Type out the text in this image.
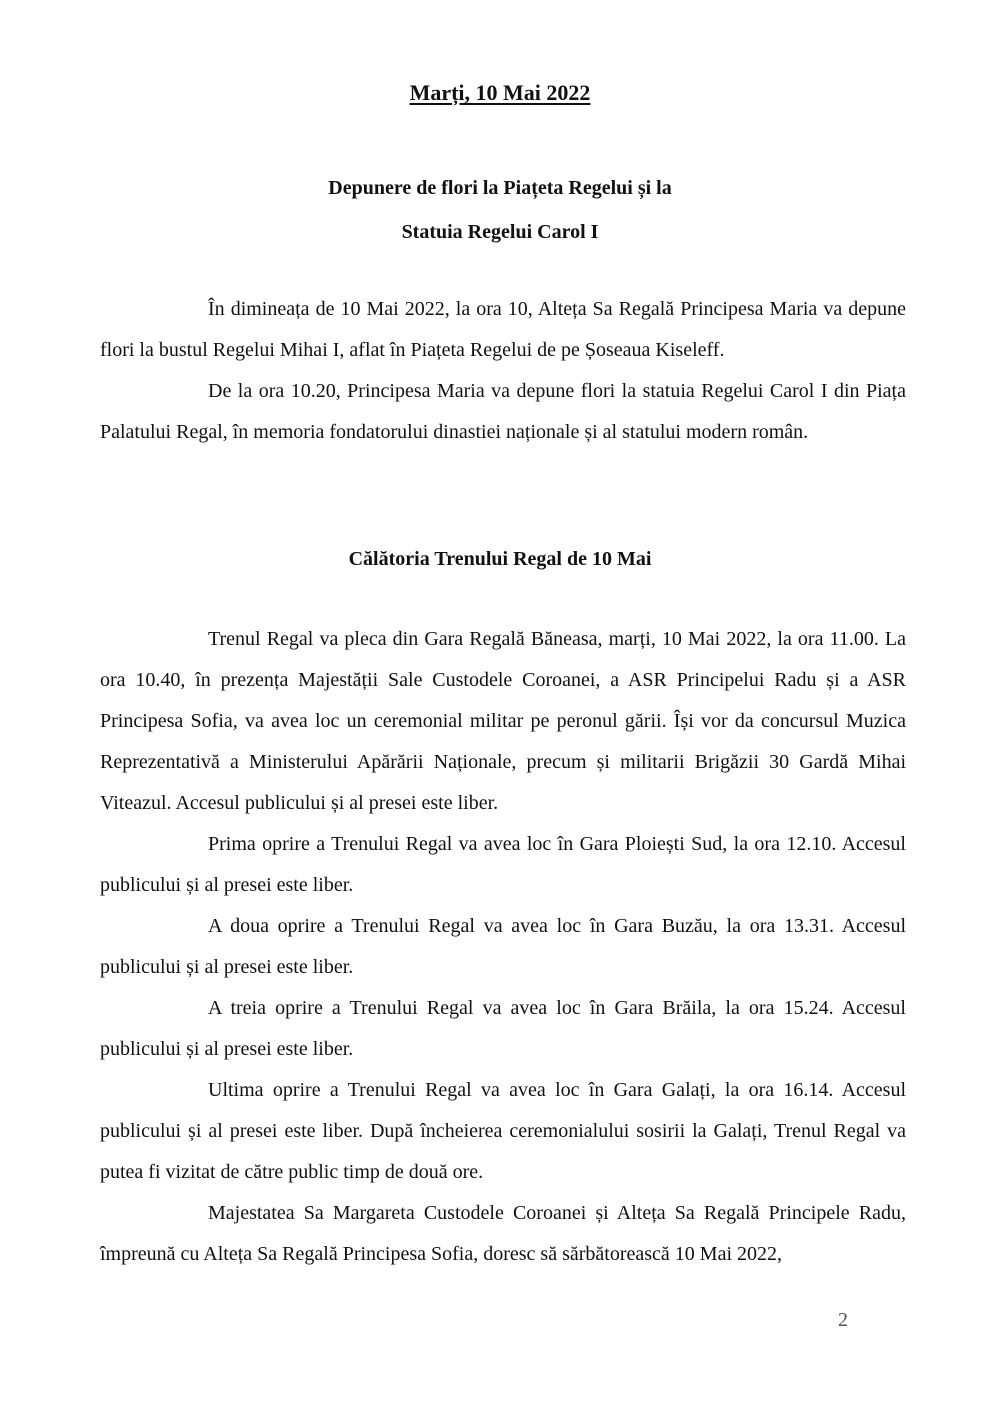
Marți, 10 Mai 2022
Depunere de flori la Piațeta Regelui și la
Statuia Regelui Carol I

În dimineața de 10 Mai 2022, la ora 10, Alteța Sa Regală Principesa Maria va depune flori la bustul Regelui Mihai I, aflat în Piațeta Regelui de pe Șoseaua Kiseleff.

De la ora 10.20, Principesa Maria va depune flori la statuia Regelui Carol I din Piața Palatului Regal, în memoria fondatorului dinastiei naționale și al statului modern român.

Călătoria Trenului Regal de 10 Mai

Trenul Regal va pleca din Gara Regală Băneasa, marți, 10 Mai 2022, la ora 11.00. La ora 10.40, în prezența Majestății Sale Custodele Coroanei, a ASR Principelui Radu și a ASR Principesa Sofia, va avea loc un ceremonial militar pe peronul gării. Își vor da concursul Muzica Reprezentativă a Ministerului Apărării Naționale, precum și militarii Brigăzii 30 Gardă Mihai Viteazul. Accesul publicului și al presei este liber.

Prima oprire a Trenului Regal va avea loc în Gara Ploiești Sud, la ora 12.10. Accesul publicului și al presei este liber.

A doua oprire a Trenului Regal va avea loc în Gara Buzău, la ora 13.31. Accesul publicului și al presei este liber.

A treia oprire a Trenului Regal va avea loc în Gara Brăila, la ora 15.24. Accesul publicului și al presei este liber.

Ultima oprire a Trenului Regal va avea loc în Gara Galați, la ora 16.14. Accesul publicului și al presei este liber. După încheierea ceremonialului sosirii la Galați, Trenul Regal va putea fi vizitat de către public timp de două ore.

Majestatea Sa Margareta Custodele Coroanei și Alteța Sa Regală Principele Radu, împreună cu Alteța Sa Regală Principesa Sofia, doresc să sărbătorească 10 Mai 2022,

2
